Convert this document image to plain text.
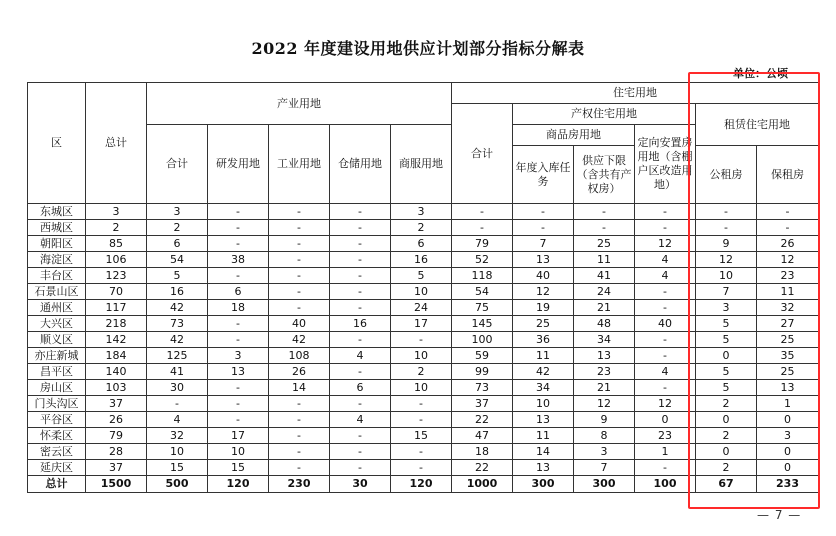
2022 年度建设用地供应计划部分指标分解表
单位：公顷
区	总计	产业用地					住宅用地					
							合计	产权住宅用地			租赁住宅用地	
		合计	研发用地	工业用地	仓储用地	商服用地		商品房用地		定向安置房用地（含棚户区改造用地）		
								年度入库任务	供应下限（含共有产权房）		公租房	保租房
东城区	3	3	-	-	-	3	-	-	-	-	-	-
西城区	2	2	-	-	-	2	-	-	-	-	-	-
朝阳区	85	6	-	-	-	6	79	7	25	12	9	26
海淀区	106	54	38	-	-	16	52	13	11	4	12	12
丰台区	123	5	-	-	-	5	118	40	41	4	10	23
石景山区	70	16	6	-	-	10	54	12	24	-	7	11
通州区	117	42	18	-	-	24	75	19	21	-	3	32
大兴区	218	73	-	40	16	17	145	25	48	40	5	27
顺义区	142	42	-	42	-	-	100	36	34	-	5	25
亦庄新城	184	125	3	108	4	10	59	11	13	-	0	35
昌平区	140	41	13	26	-	2	99	42	23	4	5	25
房山区	103	30	-	14	6	10	73	34	21	-	5	13
门头沟区	37	-	-	-	-	-	37	10	12	12	2	1
平谷区	26	4	-	-	4	-	22	13	9	0	0	0
怀柔区	79	32	17	-	-	15	47	11	8	23	2	3
密云区	28	10	10	-	-	-	18	14	3	1	0	0
延庆区	37	15	15	-	-	-	22	13	7	-	2	0
总计	1500	500	120	230	30	120	1000	300	300	100	67	233
— 7 —
